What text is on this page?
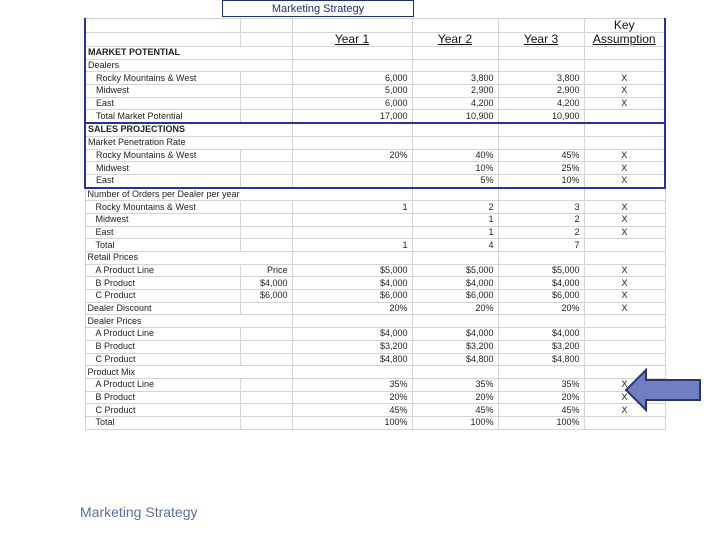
Marketing Strategy
					Key
		Year 1	Year 2	Year 3	Assumption
MARKET POTENTIAL					
Dealers					
Rocky Mountains & West		6,000	3,800	3,800	X
Midwest		5,000	2,900	2,900	X
East		6,000	4,200	4,200	X
Total Market Potential		17,000	10,900	10,900	
SALES PROJECTIONS					
Market Penetration Rate					
Rocky Mountains & West		20%	40%	45%	X
Midwest			10%	25%	X
East			5%	10%	X
Number of Orders per Dealer per year					
Rocky Mountains & West		1	2	3	X
Midwest			1	2	X
East			1	2	X
Total		1	4	7	
Retail Prices					
A Product Line	Price	$5,000	$5,000	$5,000	X
B Product	$4,000	$4,000	$4,000	$4,000	X
C Product	$6,000	$6,000	$6,000	$6,000	X
Dealer Discount		20%	20%	20%	X
Dealer Prices					
A Product Line		$4,000	$4,000	$4,000	
B Product		$3,200	$3,200	$3,200	
C Product		$4,800	$4,800	$4,800	
Product Mix					
A Product Line		35%	35%	35%	X
B Product		20%	20%	20%	X
C Product		45%	45%	45%	X
Total		100%	100%	100%	
Marketing Strategy
